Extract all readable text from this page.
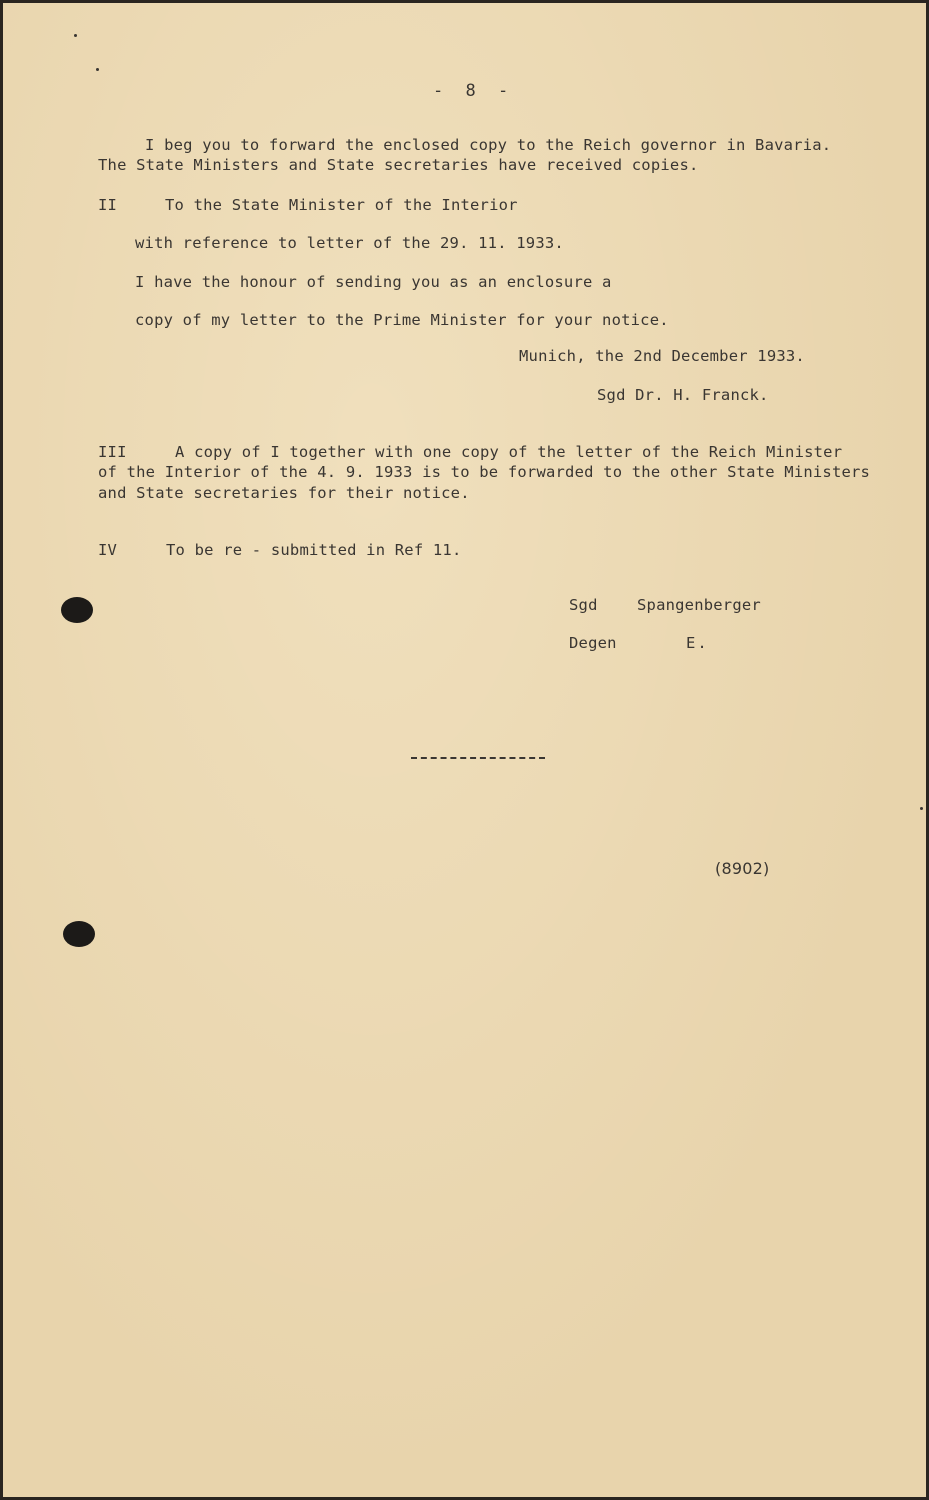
- 8 -
I beg you to forward the enclosed copy to the Reich governor in Bavaria.
The State Ministers and State secretaries have received copies.
II	To the State Minister of the Interior
with reference to letter of the 29. 11. 1933.
I have the honour of sending you as an enclosure a
copy of my letter to the Prime Minister for your notice.
Munich, the 2nd December 1933.
Sgd Dr. H. Franck.
III	A copy of I together with one copy of the letter of the Reich Minister
of the Interior of the 4. 9. 1933 is to be forwarded to the other State Ministers
and State secretaries for their notice.
IV	To be re - submitted in Ref 11.
Sgd	Spangenberger
Degen	E.
(8902)
